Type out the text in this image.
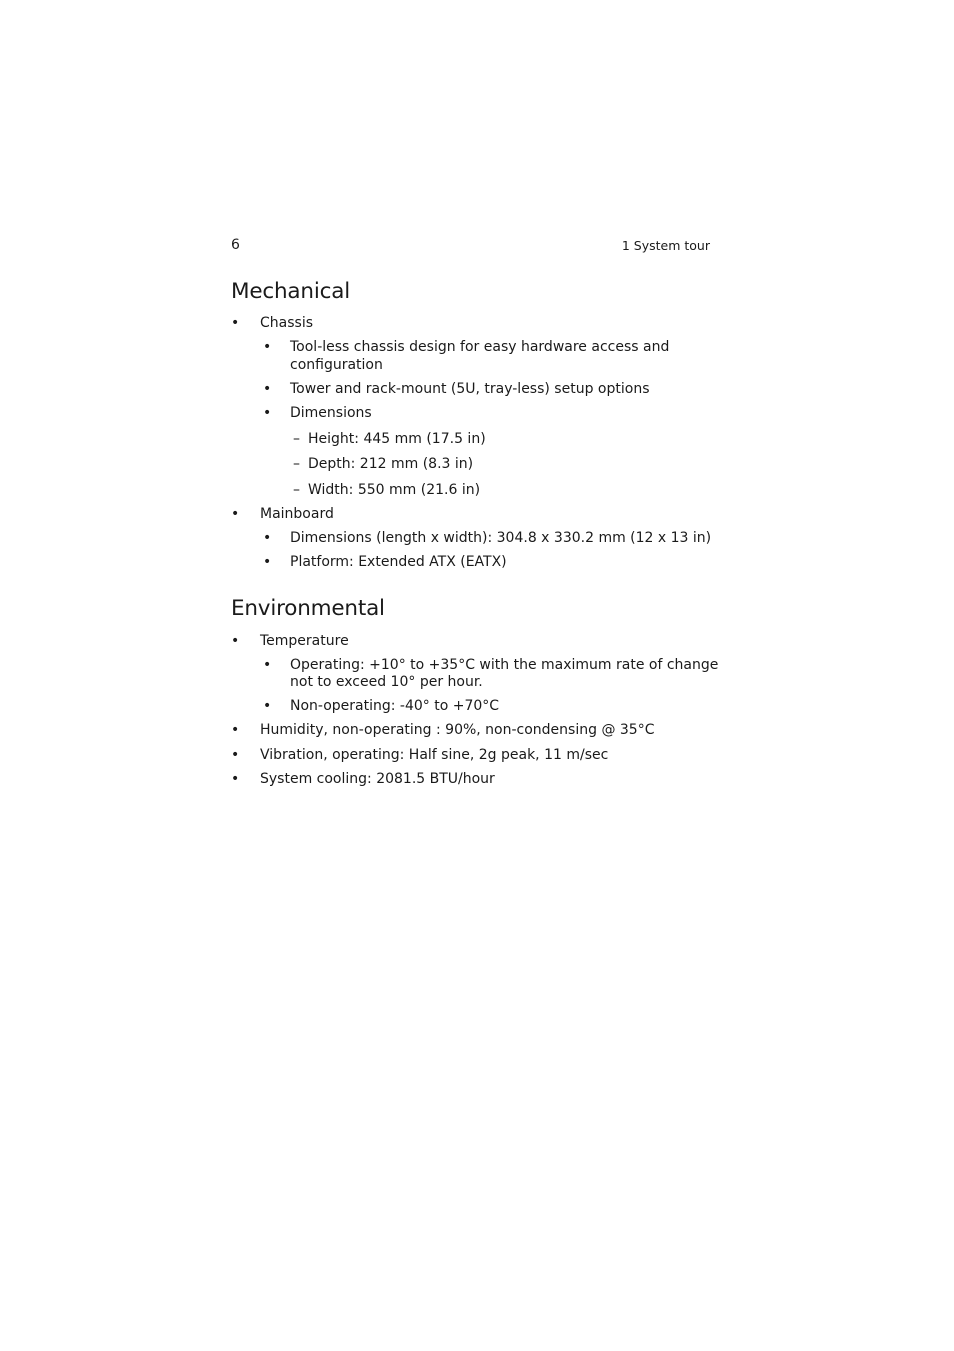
6	1 System tour
Mechanical
• Chassis
• Tool-less chassis design for easy hardware access and
configuration
• Tower and rack-mount (5U, tray-less) setup options
• Dimensions
– Height: 445 mm (17.5 in)
– Depth: 212 mm (8.3 in)
– Width: 550 mm (21.6 in)
• Mainboard
• Dimensions (length x width): 304.8 x 330.2 mm (12 x 13 in)
• Platform: Extended ATX (EATX)
Environmental
• Temperature
• Operating: +10° to +35°C with the maximum rate of change
not to exceed 10° per hour.
• Non-operating: -40° to +70°C
• Humidity, non-operating : 90%, non-condensing @ 35°C
• Vibration, operating: Half sine, 2g peak, 11 m/sec
• System cooling: 2081.5 BTU/hour
